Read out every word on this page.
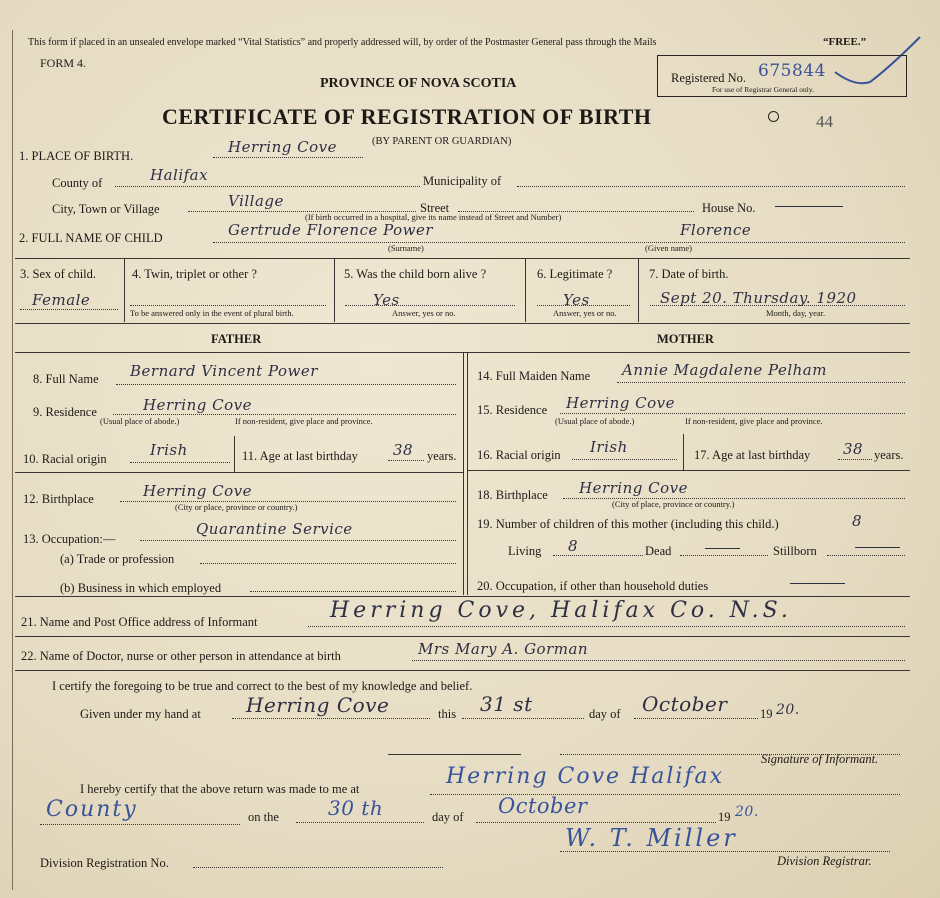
This form if placed in an unsealed envelope marked “Vital Statistics” and properly addressed will, by order of the Postmaster General pass through the Mails	“FREE.”
FORM 4.
PROVINCE OF NOVA SCOTIA	Registered No. 675844
For use of Registrar General only.
CERTIFICATE OF REGISTRATION OF BIRTH	44
(BY PARENT OR GUARDIAN)
1. PLACE OF BIRTH.	Herring Cove
County of	Halifax	Municipality of
City, Town or Village	Village	Street	House No.
(If birth occurred in a hospital, give its name instead of Street and Number)
2. FULL NAME OF CHILD	Gertrude Florence Power	Florence
(Surname)	(Given name)
3. Sex of child.
Female
4. Twin, triplet or other ?
To be answered only in the event of plural birth.
5. Was the child born alive ?
Yes
Answer, yes or no.
6. Legitimate ?
Yes
Answer, yes or no.
7. Date of birth.
Sept 20. Thursday. 1920
Month, day, year.
FATHER	MOTHER
8. Full Name Bernard Vincent Power
9. Residence	Herring Cove
(Usual place of abode.)	If non-resident, give place and province.
10. Racial origin	Irish	11. Age at last birthday 38 years.
12. Birthplace	Herring Cove
(City or place, province or country.)
13. Occupation:—
Quarantine Service
(a) Trade or profession
(b) Business in which employed
14. Full Maiden Name Annie Magdalene Pelham
15. Residence Herring Cove
(Usual place of abode.)	If non-resident, give place and province.
16. Racial origin Irish	17. Age at last birthday 38 years.
18. Birthplace Herring Cove
(City of place, province or country.)
19. Number of children of this mother (including this child.)	8
Living 8	Dead	Stillborn
20. Occupation, if other than household duties
21. Name and Post Office address of Informant	Herring Cove, Halifax Co. N.S.
22. Name of Doctor, nurse or other person in attendance at birth	Mrs Mary A. Gorman
I certify the foregoing to be true and correct to the best of my knowledge and belief.
Given under my hand at Herring Cove	this 31 st	day of October	19 20.
Signature of Informant.
I hereby certify that the above return was made to me at	Herring Cove Halifax
County	on the 30 th	day of October	19 20.
Division Registration No.
W. T. Miller
Division Registrar.
